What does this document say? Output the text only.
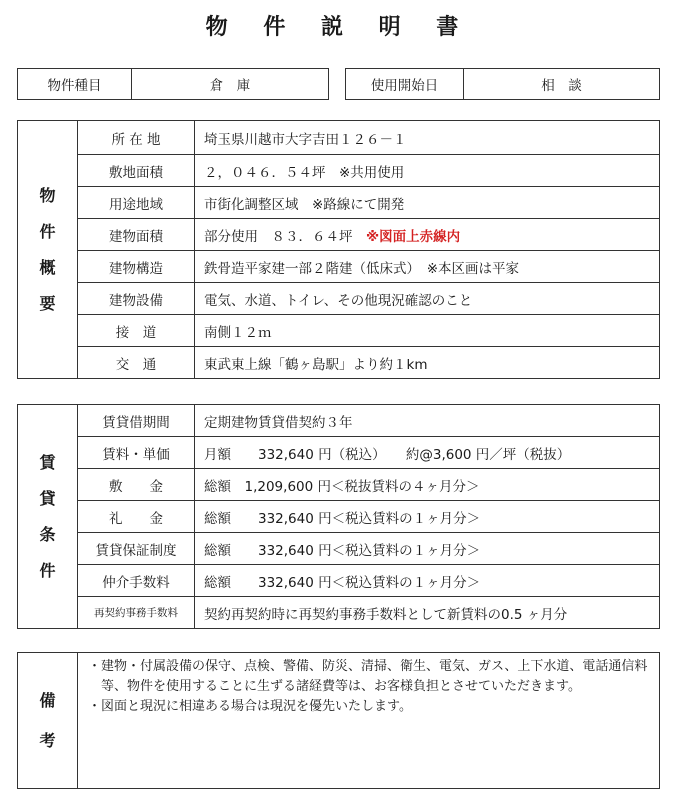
物 件 説 明 書
物件種目	倉　庫		使用開始日	相　談
物
件
概
要	所 在 地	埼玉県川越市大字吉田１２６－１
	敷地面積	２，０４６．５４坪　※共用使用
	用途地域	市街化調整区域　※路線にて開発
	建物面積	部分使用　８３．６４坪　 ※図面上赤線内
	建物構造	鉄骨造平家建一部２階建（低床式）　※本区画は平家
	建物設備	電気、水道、トイレ、その他現況確認のこと
	接　道	南側１２ｍ
	交　通	東武東上線「鶴ヶ島駅」より約１km
賃
貸
条
件	賃貸借期間	定期建物賃貸借契約３年
	賃料・単価	月額　　332,640 円（税込）　　約@3,600 円／坪（税抜）
	敷　　金	総額　1,209,600 円＜税抜賃料の４ヶ月分＞
	礼　　金	総額　　332,640 円＜税込賃料の１ヶ月分＞
	賃貸保証制度	総額　　332,640 円＜税込賃料の１ヶ月分＞
	仲介手数料	総額　　332,640 円＜税込賃料の１ヶ月分＞
	再契約事務手数料	契約再契約時に再契約事務手数料として新賃料の0.5 ヶ月分
備
考

・建物・付属設備の保守、点検、警備、防災、清掃、衛生、電気、ガス、上下水道、電話通信料等、物件を使用することに生ずる諸経費等は、お客様負担とさせていただきます。
・図面と現況に相違ある場合は現況を優先いたします。
